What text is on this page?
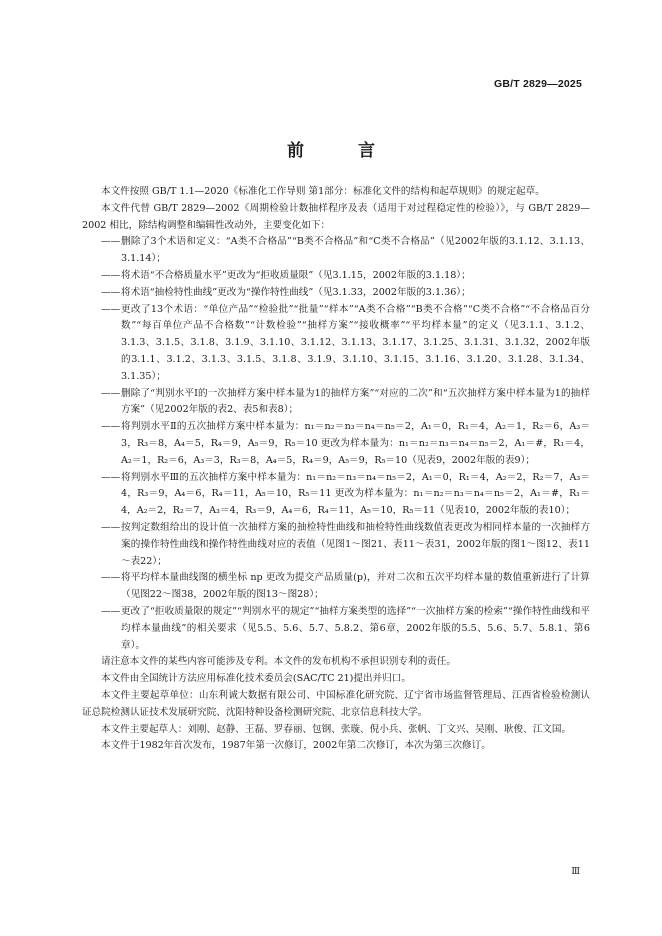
GB/T 2829—2025
前 言

本文件按照 GB/T 1.1—2020《标准化工作导则 第1部分：标准化文件的结构和起草规则》的规定起草。

本文件代替 GB/T 2829—2002《周期检验计数抽样程序及表（适用于对过程稳定性的检验）》，与 GB/T 2829—2002 相比，除结构调整和编辑性改动外，主要变化如下：

—— 删除了3个术语和定义：“A类不合格品”“B类不合格品”和“C类不合格品”（见2002年版的3.1.12、3.1.13、3.1.14）；

—— 将术语“不合格质量水平”更改为“拒收质量限”（见3.1.15，2002年版的3.1.18）；

—— 将术语“抽检特性曲线”更改为“操作特性曲线”（见3.1.33，2002年版的3.1.36）；

—— 更改了13个术语：“单位产品”“检验批”“批量”“样本”“A类不合格”“B类不合格”“C类不合格”“不合格品百分数”“每百单位产品不合格数”“计数检验”“抽样方案”“接收概率”“平均样本量”的定义（见3.1.1、3.1.2、3.1.3、3.1.5、3.1.8、3.1.9、3.1.10、3.1.12、3.1.13、3.1.17、3.1.25、3.1.31、3.1.32，2002年版的3.1.1、3.1.2、3.1.3、3.1.5、3.1.8、3.1.9、3.1.10、3.1.15、3.1.16、3.1.20、3.1.28、3.1.34、3.1.35）；

—— 删除了“判别水平Ⅰ的一次抽样方案中样本量为1的抽样方案”“对应的二次”和“五次抽样方案中样本量为1的抽样方案”（见2002年版的表2、表5和表8）；

—— 将判别水平Ⅱ的五次抽样方案中样本量为：n₁＝n₂＝n₃＝n₄＝n₅＝2，A₁＝0，R₁＝4，A₂＝1，R₂＝6，A₃＝3，R₃＝8，A₄＝5，R₄＝9，A₅＝9，R₅＝10 更改为样本量为：n₁＝n₂＝n₃＝n₄＝n₅＝2，A₁＝#，R₁＝4，A₂＝1，R₂＝6，A₃＝3，R₃＝8，A₄＝5，R₄＝9，A₅＝9，R₅＝10（见表9，2002年版的表9）；

—— 将判别水平Ⅲ的五次抽样方案中样本量为：n₁＝n₂＝n₃＝n₄＝n₅＝2，A₁＝0，R₁＝4，A₂＝2，R₂＝7，A₃＝4，R₃＝9，A₄＝6，R₄＝11，A₅＝10，R₅＝11 更改为样本量为：n₁＝n₂＝n₃＝n₄＝n₅＝2，A₁＝#，R₁＝4，A₂＝2，R₂＝7，A₃＝4，R₃＝9，A₄＝6，R₄＝11，A₅＝10，R₅＝11（见表10，2002年版的表10）；

—— 按判定数组给出的设计值一次抽样方案的抽检特性曲线和抽检特性曲线数值表更改为相同样本量的一次抽样方案的操作特性曲线和操作特性曲线对应的表值（见图1～图21、表11～表31，2002年版的图1～图12、表11～表22）；

—— 将平均样本量曲线图的横坐标 np 更改为提交产品质量(p)，并对二次和五次平均样本量的数值重新进行了计算（见图22～图38，2002年版的图13～图28）；

—— 更改了“拒收质量限的规定”“判别水平的规定”“抽样方案类型的选择”“一次抽样方案的检索”“操作特性曲线和平均样本量曲线”的相关要求（见5.5、5.6、5.7、5.8.2、第6章，2002年版的5.5、5.6、5.7、5.8.1、第6章）。

请注意本文件的某些内容可能涉及专利。本文件的发布机构不承担识别专利的责任。

本文件由全国统计方法应用标准化技术委员会(SAC/TC 21)提出并归口。

本文件主要起草单位：山东利诚大数据有限公司、中国标准化研究院、辽宁省市场监督管理局、江西省检验检测认证总院检测认证技术发展研究院、沈阳特种设备检测研究院、北京信息科技大学。

本文件主要起草人：刘刚、赵静、王磊、罗春丽、包钢、张璇、倪小兵、张帆、丁文兴、吴刚、耿俊、江文国。

本文件于1982年首次发布，1987年第一次修订，2002年第二次修订，本次为第三次修订。

Ⅲ
